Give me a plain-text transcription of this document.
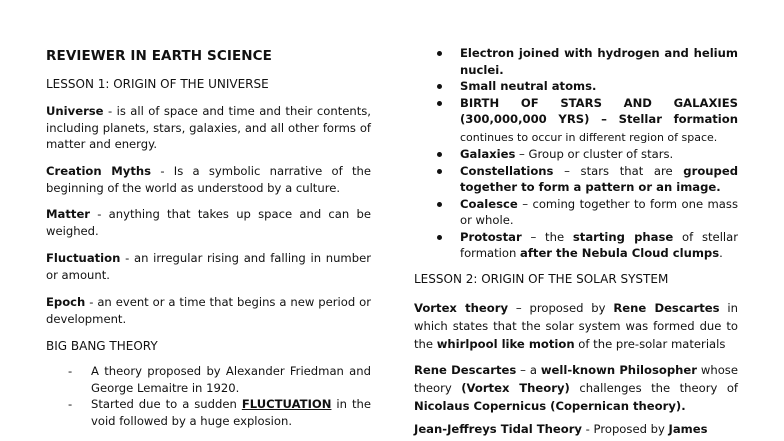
REVIEWER IN EARTH SCIENCE
LESSON 1: ORIGIN OF THE UNIVERSE
Universe - is all of space and time and their contents, including planets, stars, galaxies, and all other forms of matter and energy.
Creation Myths - Is a symbolic narrative of the beginning of the world as understood by a culture.
Matter - anything that takes up space and can be weighed.
Fluctuation - an irregular rising and falling in number or amount.
Epoch - an event or a time that begins a new period or development.
BIG BANG THEORY
- A theory proposed by Alexander Friedman and George Lemaitre in 1920.
- Started due to a sudden FLUCTUATION in the void followed by a huge explosion.
Electron joined with hydrogen and helium nuclei.
Small neutral atoms.
BIRTH OF STARS AND GALAXIES (300,000,000 YRS) – Stellar formation continues to occur in different region of space.
Galaxies – Group or cluster of stars.
Constellations – stars that are grouped together to form a pattern or an image.
Coalesce – coming together to form one mass or whole.
Protostar – the starting phase of stellar formation after the Nebula Cloud clumps.
LESSON 2: ORIGIN OF THE SOLAR SYSTEM
Vortex theory – proposed by Rene Descartes in which states that the solar system was formed due to the whirlpool like motion of the pre-solar materials
Rene Descartes – a well-known Philosopher whose theory (Vortex Theory) challenges the theory of Nicolaus Copernicus (Copernican theory).
Jean-Jeffreys Tidal Theory - Proposed by James
